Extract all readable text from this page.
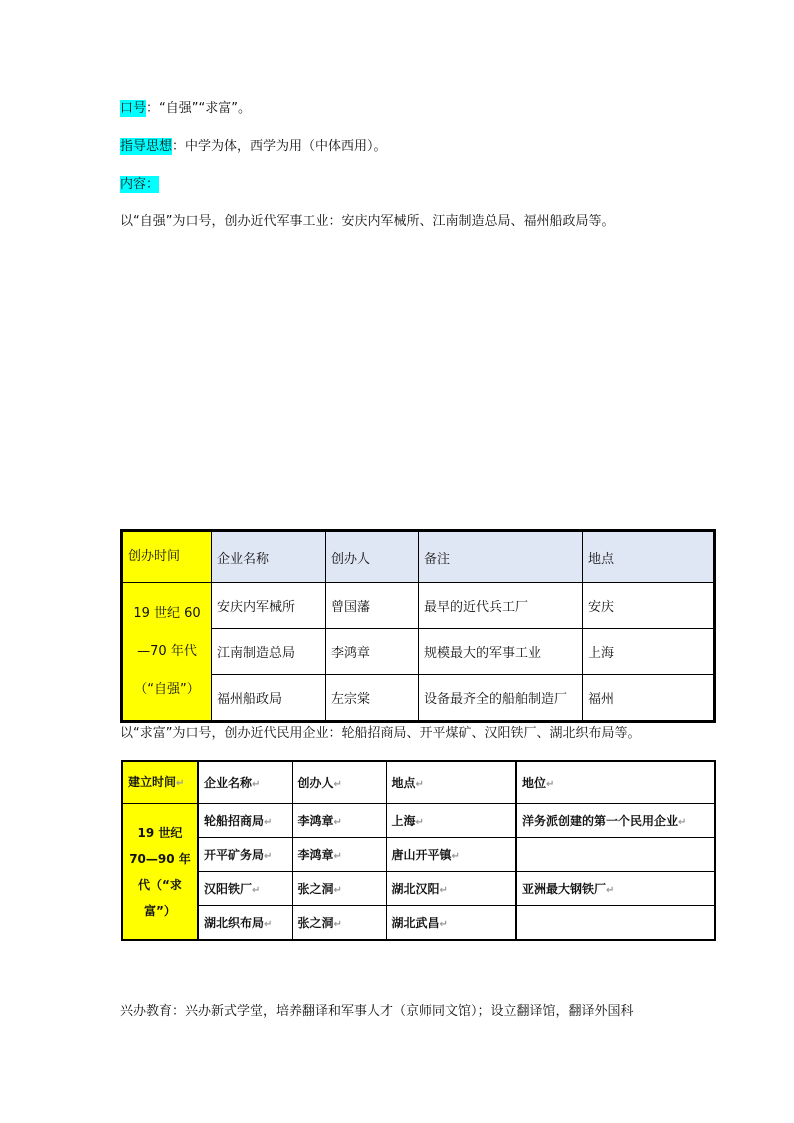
口号：“自强”“求富”。
指导思想：中学为体，西学为用（中体西用）。
内容：
以“自强”为口号，创办近代军事工业：安庆内军械所、江南制造总局、福州船政局等。
创办时间	企业名称	创办人	备注	地点
19 世纪 60—70 年代（“自强”）	安庆内军械所	曾国藩	最早的近代兵工厂	安庆
	江南制造总局	李鸿章	规模最大的军事工业	上海
	福州船政局	左宗棠	设备最齐全的船舶制造厂	福州
以“求富”为口号，创办近代民用企业：轮船招商局、开平煤矿、汉阳铁厂、湖北织布局等。
建立时间↵	企业名称↵	创办人↵	地点↵	地位↵
19 世纪 70—90 年代（“求富”）	轮船招商局↵	李鸿章↵	上海↵	洋务派创建的第一个民用企业↵
	开平矿务局↵	李鸿章↵	唐山开平镇↵	
	汉阳铁厂↵	张之洞↵	湖北汉阳↵	亚洲最大钢铁厂↵
	湖北织布局↵	张之洞↵	湖北武昌↵	
兴办教育：兴办新式学堂，培养翻译和军事人才（京师同文馆）；设立翻译馆，翻译外国科
